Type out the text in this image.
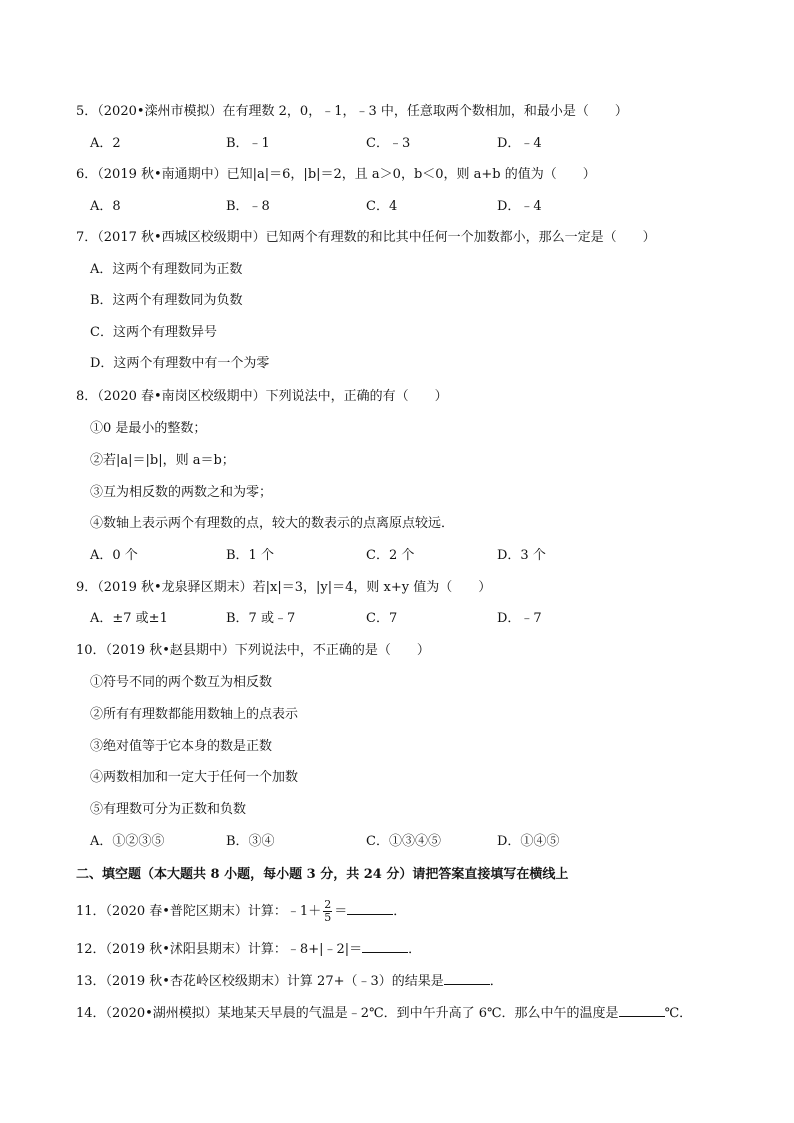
5．（2020•滦州市模拟）在有理数 2，0，﹣1，﹣3 中，任意取两个数相加，和最小是（　　）
A．2	B．﹣1	C．﹣3	D．﹣4
6．（2019 秋•南通期中）已知|a|＝6，|b|＝2，且 a＞0，b＜0，则 a+b 的值为（　　）
A．8	B．﹣8	C．4	D．﹣4
7．（2017 秋•西城区校级期中）已知两个有理数的和比其中任何一个加数都小，那么一定是（　　）
A．这两个有理数同为正数
B．这两个有理数同为负数
C．这两个有理数异号
D．这两个有理数中有一个为零
8．（2020 春•南岗区校级期中）下列说法中，正确的有（　　）
①0 是最小的整数；
②若|a|＝|b|，则 a＝b；
③互为相反数的两数之和为零；
④数轴上表示两个有理数的点，较大的数表示的点离原点较远．
A．0 个	B．1 个	C．2 个	D．3 个
9．（2019 秋•龙泉驿区期末）若|x|＝3，|y|＝4，则 x+y 值为（　　）
A．±7 或±1	B．7 或﹣7	C．7	D．﹣7
10．（2019 秋•赵县期中）下列说法中，不正确的是（　　）
①符号不同的两个数互为相反数
②所有有理数都能用数轴上的点表示
③绝对值等于它本身的数是正数
④两数相加和一定大于任何一个加数
⑤有理数可分为正数和负数
A．①②③⑤	B．③④	C．①③④⑤	D．①④⑤
二、填空题（本大题共 8 小题，每小题 3 分，共 24 分）请把答案直接填写在横线上
11．（2020 春•普陀区期末）计算：﹣1＋ $\frac{2}{5}$ ＝	．
12．（2019 秋•沭阳县期末）计算：﹣8+|﹣2|＝	．
13．（2019 秋•杏花岭区校级期末）计算 27+（﹣3）的结果是	．
14．（2020•湖州模拟）某地某天早晨的气温是﹣2℃．到中午升高了 6℃．那么中午的温度是	℃．
